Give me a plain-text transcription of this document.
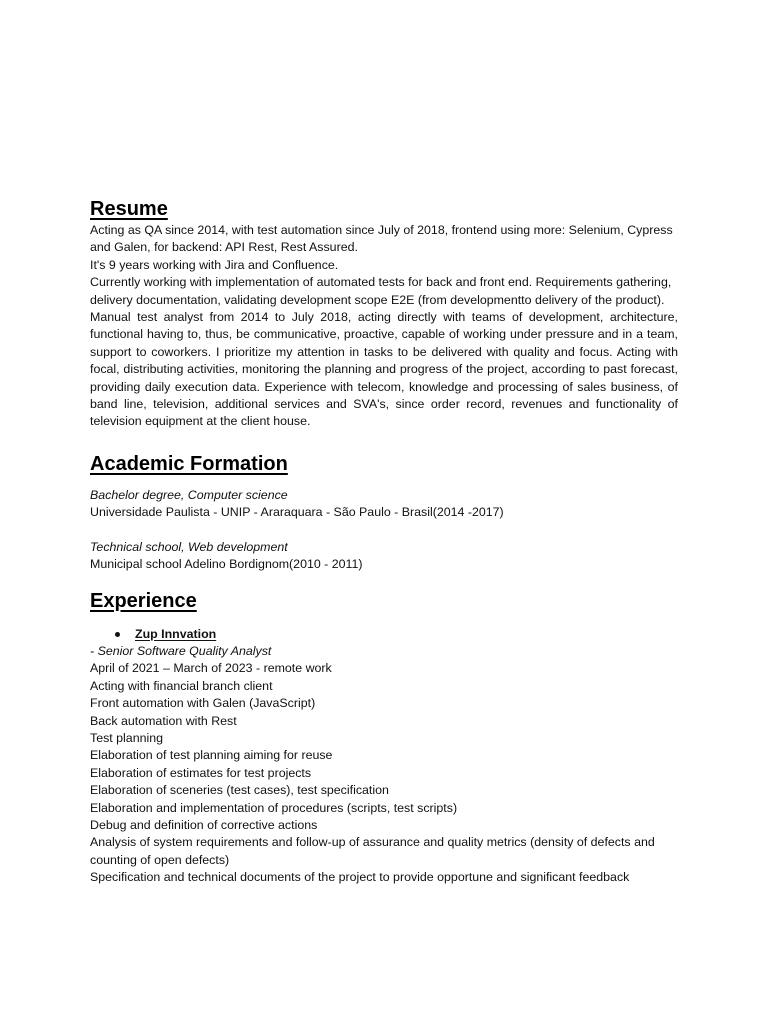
Resume

Acting as QA since 2014, with test automation since July of 2018, frontend using more: Selenium, Cypress and Galen, for backend: API Rest, Rest Assured.

It's 9 years working with Jira and Confluence.

Currently working with implementation of automated tests for back and front end. Requirements gathering, delivery documentation, validating development scope E2E (from developmentto delivery of the product).

Manual test analyst from 2014 to July 2018, acting directly with teams of development, architecture, functional having to, thus, be communicative, proactive, capable of working under pressure and in a team, support to coworkers. I prioritize my attention in tasks to be delivered with quality and focus. Acting with focal, distributing activities, monitoring the planning and progress of the project, according to past forecast, providing daily execution data. Experience with telecom, knowledge and processing of sales business, of band line, television, additional services and SVA's, since order record, revenues and functionality of television equipment at the client house.

Academic Formation

Bachelor degree, Computer science

Universidade Paulista - UNIP - Araraquara - São Paulo - Brasil(2014 -2017)

Technical school, Web development

Municipal school Adelino Bordignom(2010 - 2011)

Experience
Zup Innvation

- Senior Software Quality Analyst

April of 2021 – March of 2023 - remote work
Acting with financial branch client
Front automation with Galen (JavaScript)
Back automation with Rest
Test planning
Elaboration of test planning aiming for reuse
Elaboration of estimates for test projects
Elaboration of sceneries (test cases), test specification
Elaboration and implementation of procedures (scripts, test scripts)
Debug and definition of corrective actions
Analysis of system requirements and follow-up of assurance and quality metrics (density of defects and counting of open defects)
Specification and technical documents of the project to provide opportune and significant feedback
